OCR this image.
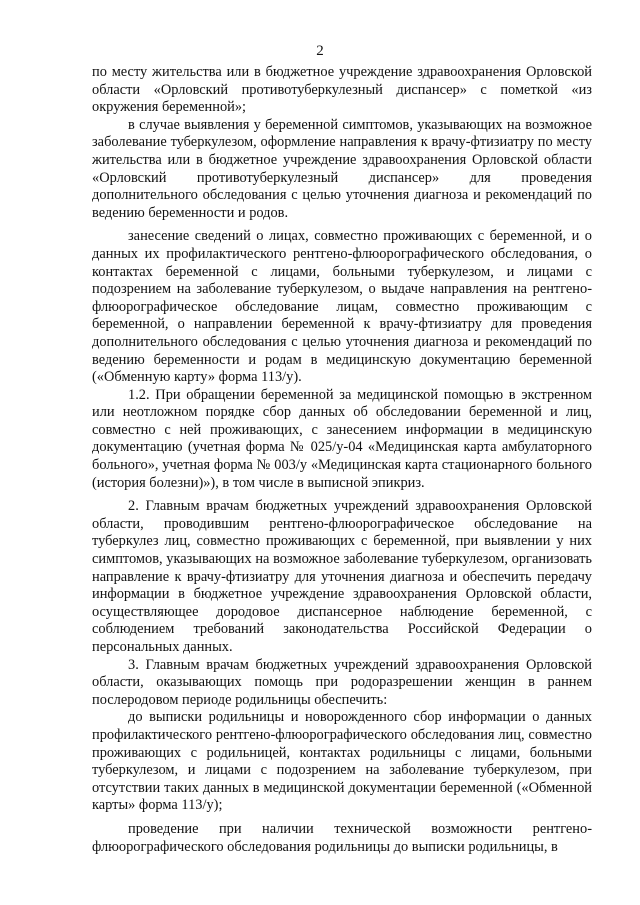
2

по месту жительства или в бюджетное учреждение здравоохранения Орловской области «Орловский противотуберкулезный диспансер» с пометкой «из окружения беременной»;

в случае выявления у беременной симптомов, указывающих на возможное заболевание туберкулезом, оформление направления к врачу-фтизиатру по месту жительства или в бюджетное учреждение здравоохранения Орловской области «Орловский противотуберкулезный диспансер» для проведения дополнительного обследования с целью уточнения диагноза и рекомендаций по ведению беременности и родов.

занесение сведений о лицах, совместно проживающих с беременной, и о данных их профилактического рентгено-флюорографического обследования, о контактах беременной с лицами, больными туберкулезом, и лицами с подозрением на заболевание туберкулезом, о выдаче направления на рентгено-флюорографическое обследование лицам, совместно проживающим с беременной, о направлении беременной к врачу-фтизиатру для проведения дополнительного обследования с целью уточнения диагноза и рекомендаций по ведению беременности и родам в медицинскую документацию беременной («Обменную карту» форма 113/у).

1.2. При обращении беременной за медицинской помощью в экстренном или неотложном порядке сбор данных об обследовании беременной и лиц, совместно с ней проживающих, с занесением информации в медицинскую документацию (учетная форма № 025/у-04 «Медицинская карта амбулаторного больного», учетная форма № 003/у «Медицинская карта стационарного больного (история болезни)»), в том числе в выписной эпикриз.

2. Главным врачам бюджетных учреждений здравоохранения Орловской области, проводившим рентгено-флюорографическое обследование на туберкулез лиц, совместно проживающих с беременной, при выявлении у них симптомов, указывающих на возможное заболевание туберкулезом, организовать направление к врачу-фтизиатру для уточнения диагноза и обеспечить передачу информации в бюджетное учреждение здравоохранения Орловской области, осуществляющее дородовое диспансерное наблюдение беременной, с соблюдением требований законодательства Российской Федерации о персональных данных.

3. Главным врачам бюджетных учреждений здравоохранения Орловской области, оказывающих помощь при родоразрешении женщин в раннем послеродовом периоде родильницы обеспечить:

до выписки родильницы и новорожденного сбор информации о данных профилактического рентгено-флюорографического обследования лиц, совместно проживающих с родильницей, контактах родильницы с лицами, больными туберкулезом, и лицами с подозрением на заболевание туберкулезом, при отсутствии таких данных в медицинской документации беременной («Обменной карты» форма 113/у);

проведение при наличии технической возможности рентгено-флюорографического обследования родильницы до выписки родильницы, в
